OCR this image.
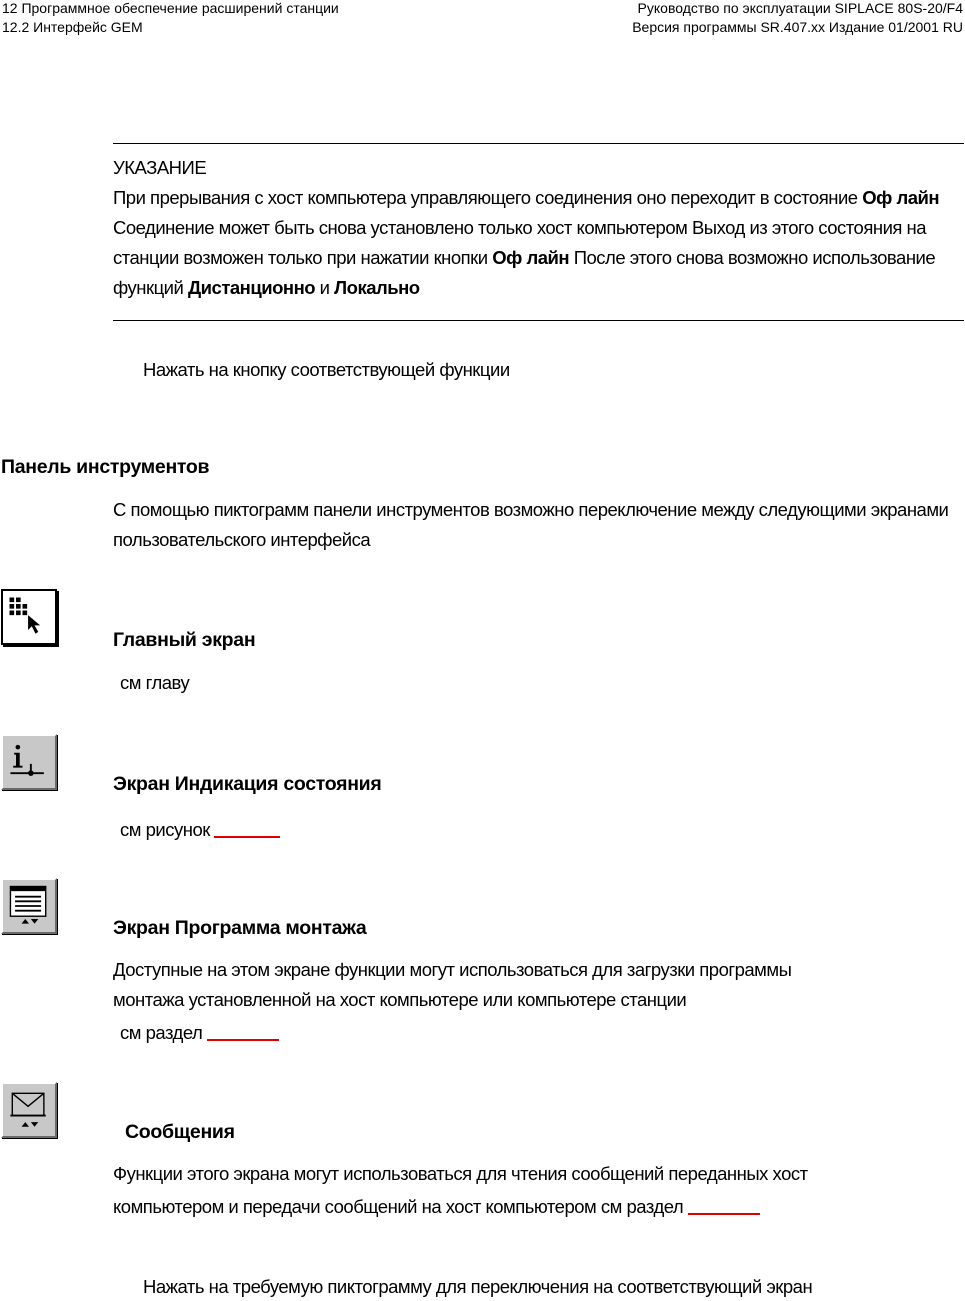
12 Программное обеспечение расширений станции
12.2 Интерфейс GEM
Руководство по эксплуатации SIPLACE 80S-20/F4
Версия программы SR.407.xx Издание 01/2001 RU
УКАЗАНИЕ
При прерывания с хост компьютера управляющего соединения оно переходит в состояние Оф лайн Соединение может быть снова установлено только хост компьютером Выход из этого состояния на станции возможен только при нажатии кнопки Оф лайн После этого снова возможно использование функций Дистанционно и Локально
Нажать на кнопку соответствующей функции
Панель инструментов
С помощью пиктограмм панели инструментов возможно переключение между следующими экранами пользовательского интерфейса
Главный экран
см главу
Экран Индикация состояния
см рисунок
Экран Программа монтажа
Доступные на этом экране функции могут использоваться для загрузки программы
монтажа установленной на хост компьютере или компьютере станции
см раздел
Сообщения
Функции этого экрана могут использоваться для чтения сообщений переданных хост
компьютером и передачи сообщений на хост компьютером см раздел
Нажать на требуемую пиктограмму для переключения на соответствующий экран
